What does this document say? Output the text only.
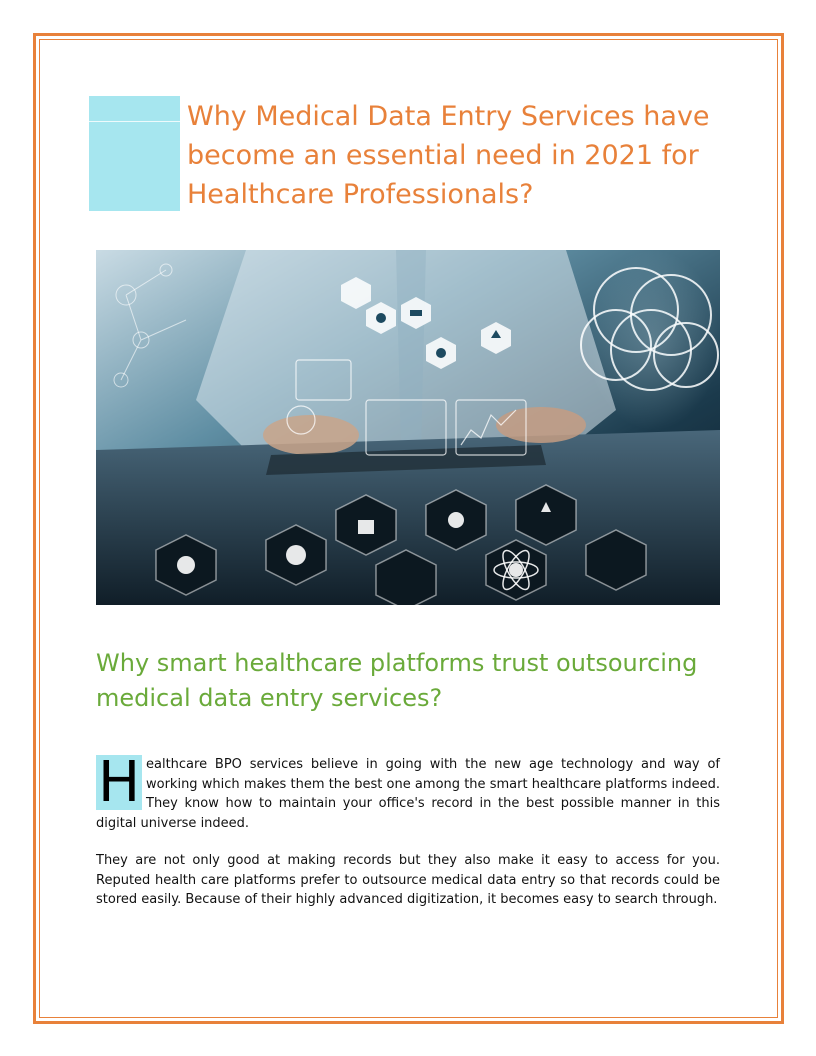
Why Medical Data Entry Services have become an essential need in 2021 for Healthcare Professionals?
Why smart healthcare platforms trust outsourcing medical data entry services?

H ealthcare BPO services believe in going with the new age technology and way of working which makes them the best one among the smart healthcare platforms indeed. They know how to maintain your office's record in the best possible manner in this digital universe indeed.

They are not only good at making records but they also make it easy to access for you. Reputed health care platforms prefer to outsource medical data entry so that records could be stored easily. Because of their highly advanced digitization, it becomes easy to search through.
